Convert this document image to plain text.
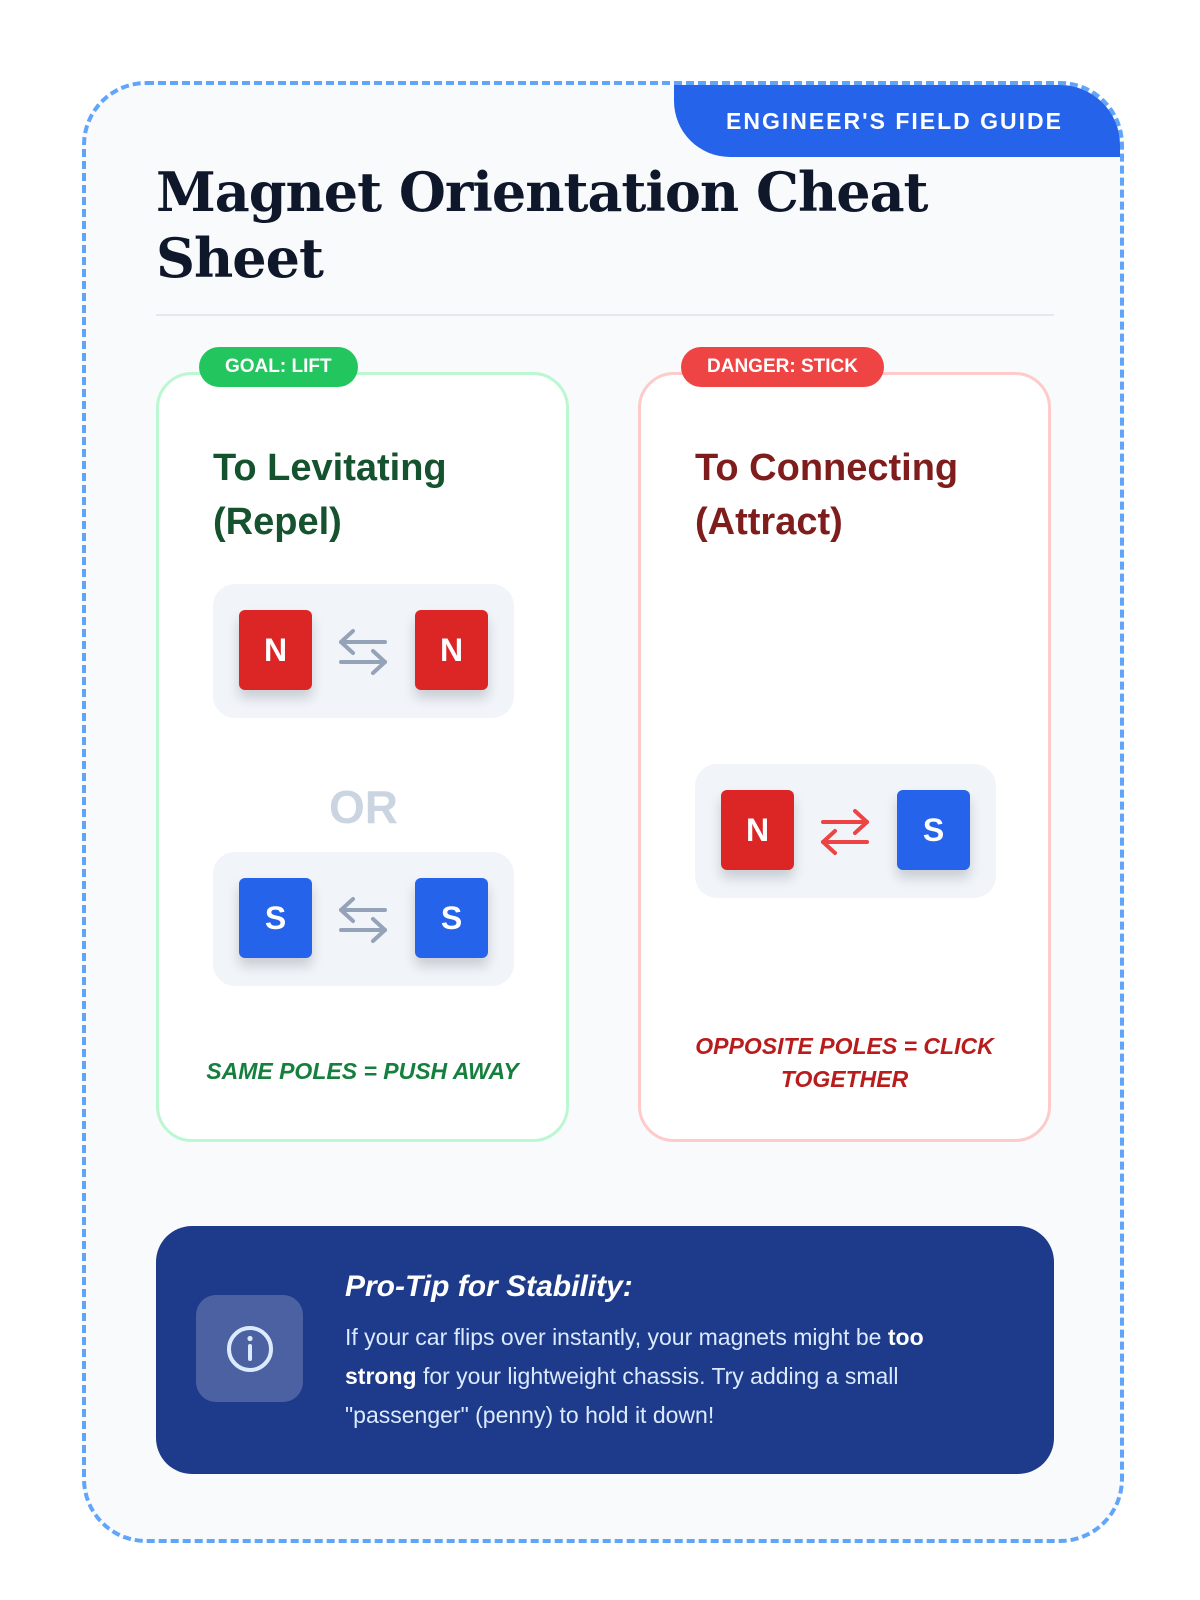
ENGINEER'S FIELD GUIDE
Magnet Orientation Cheat Sheet
GOAL: LIFT
To Levitating (Repel)
N	N

OR

S	S

SAME POLES = PUSH AWAY

DANGER: STICK
To Connecting (Attract)
N	S

OPPOSITE POLES = CLICK TOGETHER

Pro-Tip for Stability:

If your car flips over instantly, your magnets might be too strong for your lightweight chassis. Try adding a small "passenger" (penny) to hold it down!
